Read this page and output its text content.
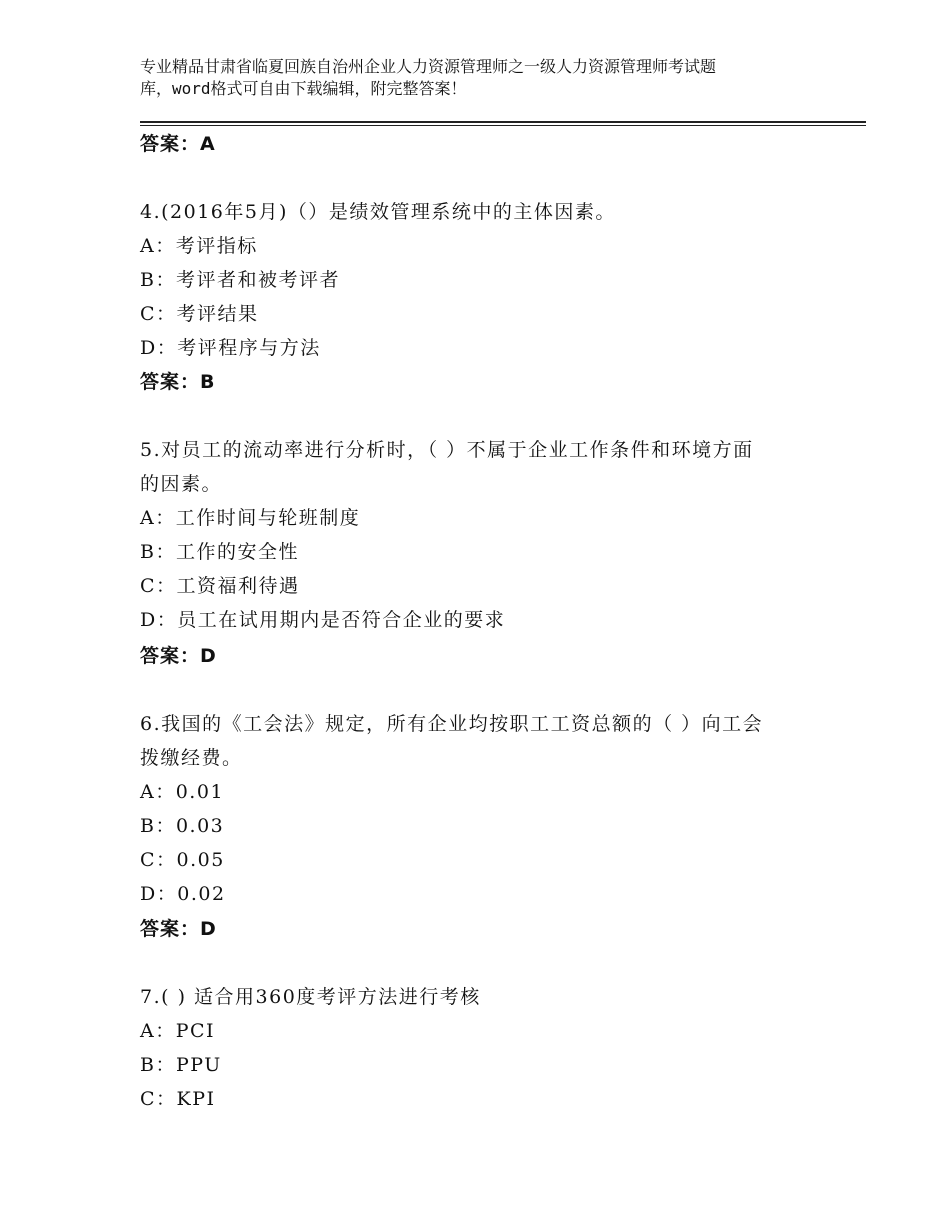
专业精品甘肃省临夏回族自治州企业人力资源管理师之一级人力资源管理师考试题
库，word格式可自由下载编辑，附完整答案！
答案：A
4.(2016年5月)（）是绩效管理系统中的主体因素。
A：考评指标
B：考评者和被考评者
C：考评结果
D：考评程序与方法
答案：B
5.对员工的流动率进行分析时，（ ）不属于企业工作条件和环境方面
的因素。
A：工作时间与轮班制度
B：工作的安全性
C：工资福利待遇
D：员工在试用期内是否符合企业的要求
答案：D
6.我国的《工会法》规定，所有企业均按职工工资总额的（ ）向工会
拨缴经费。
A：0.01
B：0.03
C：0.05
D：0.02
答案：D
7.( ) 适合用360度考评方法进行考核
A：PCI
B：PPU
C：KPI
